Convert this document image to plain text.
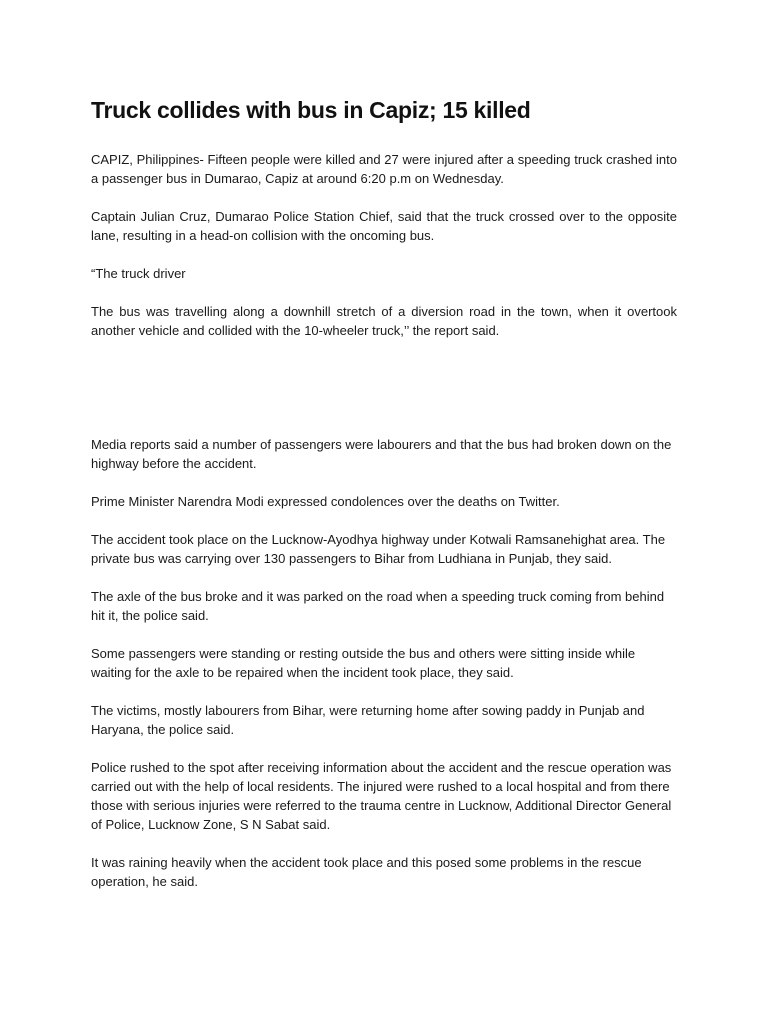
Truck collides with bus in Capiz; 15 killed

CAPIZ, Philippines- Fifteen people were killed and 27 were injured after a speeding truck crashed into a passenger bus in Dumarao, Capiz at around 6:20 p.m on Wednesday.

Captain Julian Cruz, Dumarao Police Station Chief, said that the truck crossed over to the opposite lane, resulting in a head-on collision with the oncoming bus.

“The truck driver

The bus was travelling along a downhill stretch of a diversion road in the town, when it overtook another vehicle and collided with the 10-wheeler truck,’’ the report said.

Media reports said a number of passengers were labourers and that the bus had broken down on the highway before the accident.

Prime Minister Narendra Modi expressed condolences over the deaths on Twitter.

The accident took place on the Lucknow-Ayodhya highway under Kotwali Ramsanehighat area. The private bus was carrying over 130 passengers to Bihar from Ludhiana in Punjab, they said.

The axle of the bus broke and it was parked on the road when a speeding truck coming from behind hit it, the police said.

Some passengers were standing or resting outside the bus and others were sitting inside while waiting for the axle to be repaired when the incident took place, they said.

The victims, mostly labourers from Bihar, were returning home after sowing paddy in Punjab and Haryana, the police said.

Police rushed to the spot after receiving information about the accident and the rescue operation was carried out with the help of local residents. The injured were rushed to a local hospital and from there those with serious injuries were referred to the trauma centre in Lucknow, Additional Director General of Police, Lucknow Zone, S N Sabat said.

It was raining heavily when the accident took place and this posed some problems in the rescue operation, he said.
